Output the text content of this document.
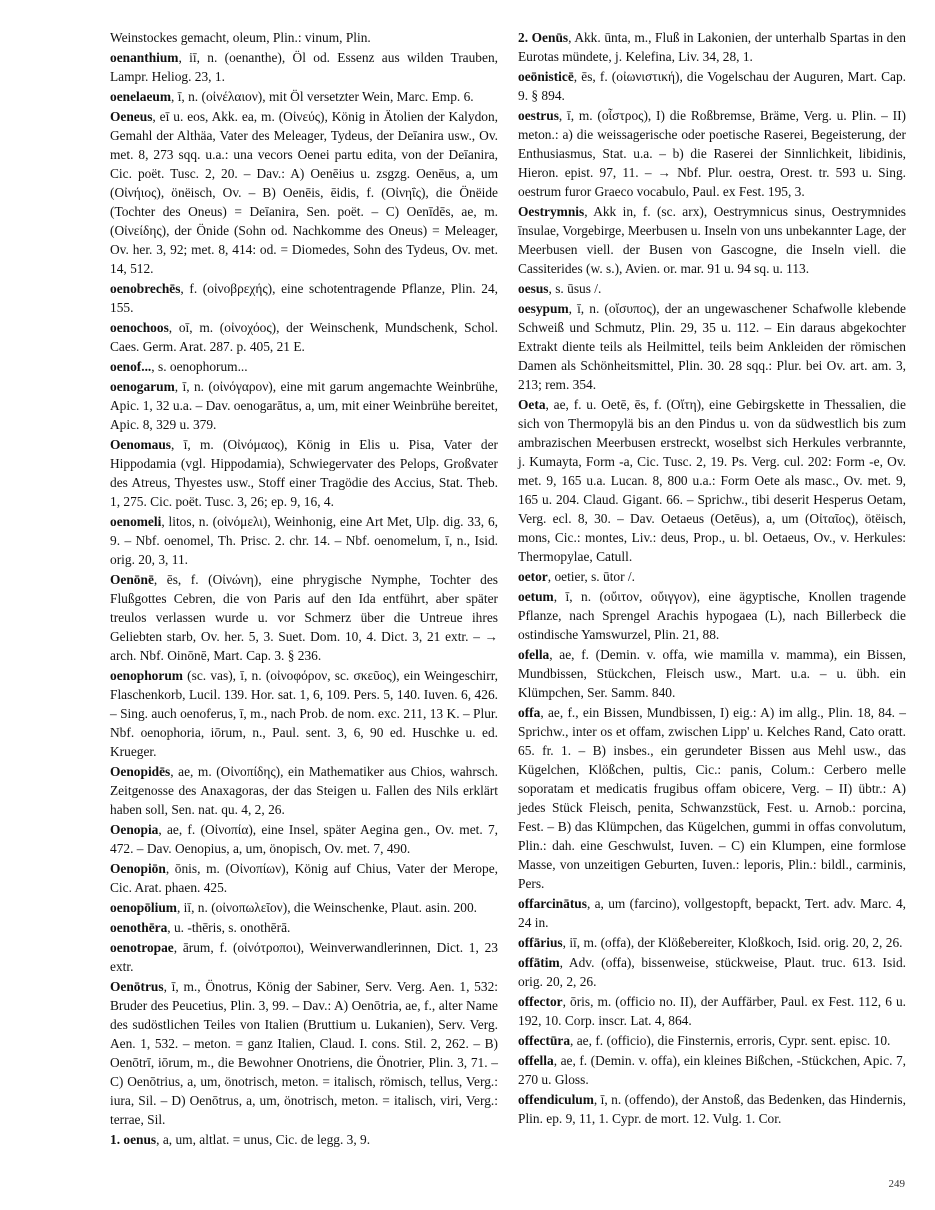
Weinstockes gemacht, oleum, Plin.: vinum, Plin.

oenanthium, iī, n. (oenanthe), Öl od. Essenz aus wilden Trauben, Lampr. Heliog. 23, 1.

oenelaeum, ī, n. (οἰνέλαιον), mit Öl versetzter Wein, Marc. Emp. 6.

Oeneus, eī u. eos, Akk. ea, m. (Οἰνεύς), König in Ätolien der Kalydon, Gemahl der Althäa, Vater des Meleager, Tydeus, der Deīanira usw., Ov. met. 8, 273 sqq. u.a.: una vecors Oenei partu edita, von der Deīanira, Cic. poët. Tusc. 2, 20. – Dav.: A) Oenēius u. zsgzg. Oenēus, a, um (Οἰνήιος), önëisch, Ov. – B) Oenēis, ēidis, f. (Οἰνηΐς), die Önëide (Tochter des Oneus) = Deīanira, Sen. poët. – C) Oenīdēs, ae, m. (Οἰνείδης), der Önide (Sohn od. Nachkomme des Oneus) = Meleager, Ov. her. 3, 92; met. 8, 414: od. = Diomedes, Sohn des Tydeus, Ov. met. 14, 512.

oenobrechēs, f. (οἰνοβρεχής), eine schotentragende Pflanze, Plin. 24, 155.

oenochoos, oī, m. (οἰνοχόος), der Weinschenk, Mundschenk, Schol. Caes. Germ. Arat. 287. p. 405, 21 E.

oenof..., s. oenophorum...

oenogarum, ī, n. (οἰνόγαρον), eine mit garum angemachte Weinbrühe, Apic. 1, 32 u.a. – Dav. oenogarātus, a, um, mit einer Weinbrühe bereitet, Apic. 8, 329 u. 379.

Oenomaus, ī, m. (Οἰνόμαος), König in Elis u. Pisa, Vater der Hippodamia (vgl. Hippodamia), Schwiegervater des Pelops, Großvater des Atreus, Thyestes usw., Stoff einer Tragödie des Accius, Stat. Theb. 1, 275. Cic. poët. Tusc. 3, 26; ep. 9, 16, 4.

oenomeli, litos, n. (οἰνόμελι), Weinhonig, eine Art Met, Ulp. dig. 33, 6, 9. – Nbf. oenomel, Th. Prisc. 2. chr. 14. – Nbf. oenomelum, ī, n., Isid. orig. 20, 3, 11.

Oenōnē, ēs, f. (Οἰνώνη), eine phrygische Nymphe, Tochter des Flußgottes Cebren, die von Paris auf den Ida entführt, aber später treulos verlassen wurde u. vor Schmerz über die Untreue ihres Geliebten starb, Ov. her. 5, 3. Suet. Dom. 10, 4. Dict. 3, 21 extr. – → arch. Nbf. Oinōnē, Mart. Cap. 3. § 236.

oenophorum (sc. vas), ī, n. (οἰνοφόρον, sc. σκεῦος), ein Weingeschirr, Flaschenkorb, Lucil. 139. Hor. sat. 1, 6, 109. Pers. 5, 140. Iuven. 6, 426. – Sing. auch oenoferus, ī, m., nach Prob. de nom. exc. 211, 13 K. – Plur. Nbf. oenophoria, iōrum, n., Paul. sent. 3, 6, 90 ed. Huschke u. ed. Krueger.

Oenopidēs, ae, m. (Οἰνοπίδης), ein Mathematiker aus Chios, wahrsch. Zeitgenosse des Anaxagoras, der das Steigen u. Fallen des Nils erklärt haben soll, Sen. nat. qu. 4, 2, 26.

Oenopia, ae, f. (Οἰνοπία), eine Insel, später Aegina gen., Ov. met. 7, 472. – Dav. Oenopius, a, um, önopisch, Ov. met. 7, 490.

Oenopiōn, ōnis, m. (Οἰνοπίων), König auf Chius, Vater der Merope, Cic. Arat. phaen. 425.

oenopōlium, iī, n. (οἰνοπωλεῖον), die Weinschenke, Plaut. asin. 200.

oenothēra, u. -thēris, s. onothērā.

oenotropae, ārum, f. (οἰνότροποι), Weinverwandlerinnen, Dict. 1, 23 extr.

Oenōtrus, ī, m., Önotrus, König der Sabiner, Serv. Verg. Aen. 1, 532: Bruder des Peucetius, Plin. 3, 99. – Dav.: A) Oenōtria, ae, f., alter Name des sudöstlichen Teiles von Italien (Bruttium u. Lukanien), Serv. Verg. Aen. 1, 532. – meton. = ganz Italien, Claud. I. cons. Stil. 2, 262. – B) Oenōtrī, iōrum, m., die Bewohner Onotriens, die Önotrier, Plin. 3, 71. – C) Oenōtrius, a, um, önotrisch, meton. = italisch, römisch, tellus, Verg.: iura, Sil. – D) Oenōtrus, a, um, önotrisch, meton. = italisch, viri, Verg.: terrae, Sil.

1. oenus, a, um, altlat. = unus, Cic. de legg. 3, 9.

2. Oenūs, Akk. ūnta, m., Fluß in Lakonien, der unterhalb Spartas in den Eurotas mündete, j. Kelefina, Liv. 34, 28, 1.

oeōnisticē, ēs, f. (οἰωνιστική), die Vogelschau der Auguren, Mart. Cap. 9. § 894.

oestrus, ī, m. (οἶστρος), I) die Roßbremse, Bräme, Verg. u. Plin. – II) meton.: a) die weissagerische oder poetische Raserei, Begeisterung, der Enthusiasmus, Stat. u.a. – b) die Raserei der Sinnlichkeit, libidinis, Hieron. epist. 97, 11. – → Nbf. Plur. oestra, Orest. tr. 593 u. Sing. oestrum furor Graeco vocabulo, Paul. ex Fest. 195, 3.

Oestrymnis, Akk in, f. (sc. arx), Oestrymnicus sinus, Oestrymnides īnsulae, Vorgebirge, Meerbusen u. Inseln von uns unbekannter Lage, der Meerbusen viell. der Busen von Gascogne, die Inseln viell. die Cassiterides (w. s.), Avien. or. mar. 91 u. 94 sq. u. 113.

oesus, s. ūsus /.

oesypum, ī, n. (οἴσυπος), der an ungewaschener Schafwolle klebende Schweiß und Schmutz, Plin. 29, 35 u. 112. – Ein daraus abgekochter Extrakt diente teils als Heilmittel, teils beim Ankleiden der römischen Damen als Schönheitsmittel, Plin. 30. 28 sqq.: Plur. bei Ov. art. am. 3, 213; rem. 354.

Oeta, ae, f. u. Oetē, ēs, f. (Οἴτη), eine Gebirgskette in Thessalien, die sich von Thermopylä bis an den Pindus u. von da südwestlich bis zum ambrazischen Meerbusen erstreckt, woselbst sich Herkules verbrannte, j. Kumayta, Form -a, Cic. Tusc. 2, 19. Ps. Verg. cul. 202: Form -e, Ov. met. 9, 165 u.a. Lucan. 8, 800 u.a.: Form Oete als masc., Ov. met. 9, 165 u. 204. Claud. Gigant. 66. – Sprichw., tibi deserit Hesperus Oetam, Verg. ecl. 8, 30. – Dav. Oetaeus (Oetēus), a, um (Οἰταῖος), ötëisch, mons, Cic.: montes, Liv.: deus, Prop., u. bl. Oetaeus, Ov., v. Herkules: Thermopylae, Catull.

oetor, oetier, s. ūtor /.

oetum, ī, n. (οὔιτον, οὔιγγον), eine ägyptische, Knollen tragende Pflanze, nach Sprengel Arachis hypogaea (L), nach Billerbeck die ostindische Yamswurzel, Plin. 21, 88.

ofella, ae, f. (Demin. v. offa, wie mamilla v. mamma), ein Bissen, Mundbissen, Stückchen, Fleisch usw., Mart. u.a. – u. übh. ein Klümpchen, Ser. Samm. 840.

offa, ae, f., ein Bissen, Mundbissen, I) eig.: A) im allg., Plin. 18, 84. – Sprichw., inter os et offam, zwischen Lipp' u. Kelches Rand, Cato oratt. 65. fr. 1. – B) insbes., ein gerundeter Bissen aus Mehl usw., das Kügelchen, Klößchen, pultis, Cic.: panis, Colum.: Cerbero melle soporatam et medicatis frugibus offam obicere, Verg. – II) übtr.: A) jedes Stück Fleisch, penita, Schwanzstück, Fest. u. Arnob.: porcina, Fest. – B) das Klümpchen, das Kügelchen, gummi in offas convolutum, Plin.: dah. eine Geschwulst, Iuven. – C) ein Klumpen, eine formlose Masse, von unzeitigen Geburten, Iuven.: leporis, Plin.: bildl., carminis, Pers.

offarcinātus, a, um (farcino), vollgestopft, bepackt, Tert. adv. Marc. 4, 24 in.

offārius, iī, m. (offa), der Klößebereiter, Kloßkoch, Isid. orig. 20, 2, 26.

offātim, Adv. (offa), bissenweise, stückweise, Plaut. truc. 613. Isid. orig. 20, 2, 26.

offector, ōris, m. (officio no. II), der Auffärber, Paul. ex Fest. 112, 6 u. 192, 10. Corp. inscr. Lat. 4, 864.

offectūra, ae, f. (officio), die Finsternis, erroris, Cypr. sent. episc. 10.

offella, ae, f. (Demin. v. offa), ein kleines Bißchen, -Stückchen, Apic. 7, 270 u. Gloss.

offendiculum, ī, n. (offendo), der Anstoß, das Bedenken, das Hindernis, Plin. ep. 9, 11, 1. Cypr. de mort. 12. Vulg. 1. Cor.

249
